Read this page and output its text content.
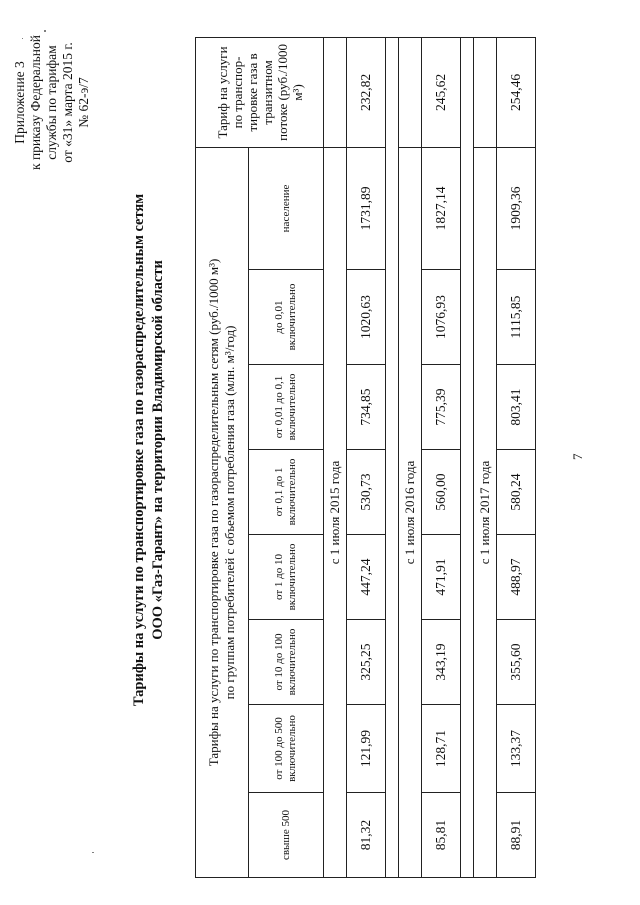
Приложение 3 к приказу Федеральной службы по тарифам от «31» марта 2015 г. № 62-э/7
Тарифы на услуги по транспортировке газа по газораспределительным сетям ООО «Газ-Гарант» на территории Владимирской области	Тарифы на услуги по транспортировке газа по газораспределительным сетям (руб./1000 м³) по группам потребителей с объемом потребления газа (млн. м³/год)								Тариф на услуги по транспор-тировке газа в транзитном потоке (руб./1000 м³)
свыше 500	от 100 до 500 включительно	от 10 до 100 включительно	от 1 до 10 включительно	от 0,1 до 1 включительно	от 0,01 до 0,1 включительно	до 0,01 включительно	население	
с 1 июля 2015 года								
81,32	121,99	325,25	447,24	530,73	734,85	1020,63	1731,89	232,82

с 1 июля 2016 года								
85,81	128,71	343,19	471,91	560,00	775,39	1076,93	1827,14	245,62

с 1 июля 2017 года								
88,91	133,37	355,60	488,97	580,24	803,41	1115,85	1909,36	254,46
7
